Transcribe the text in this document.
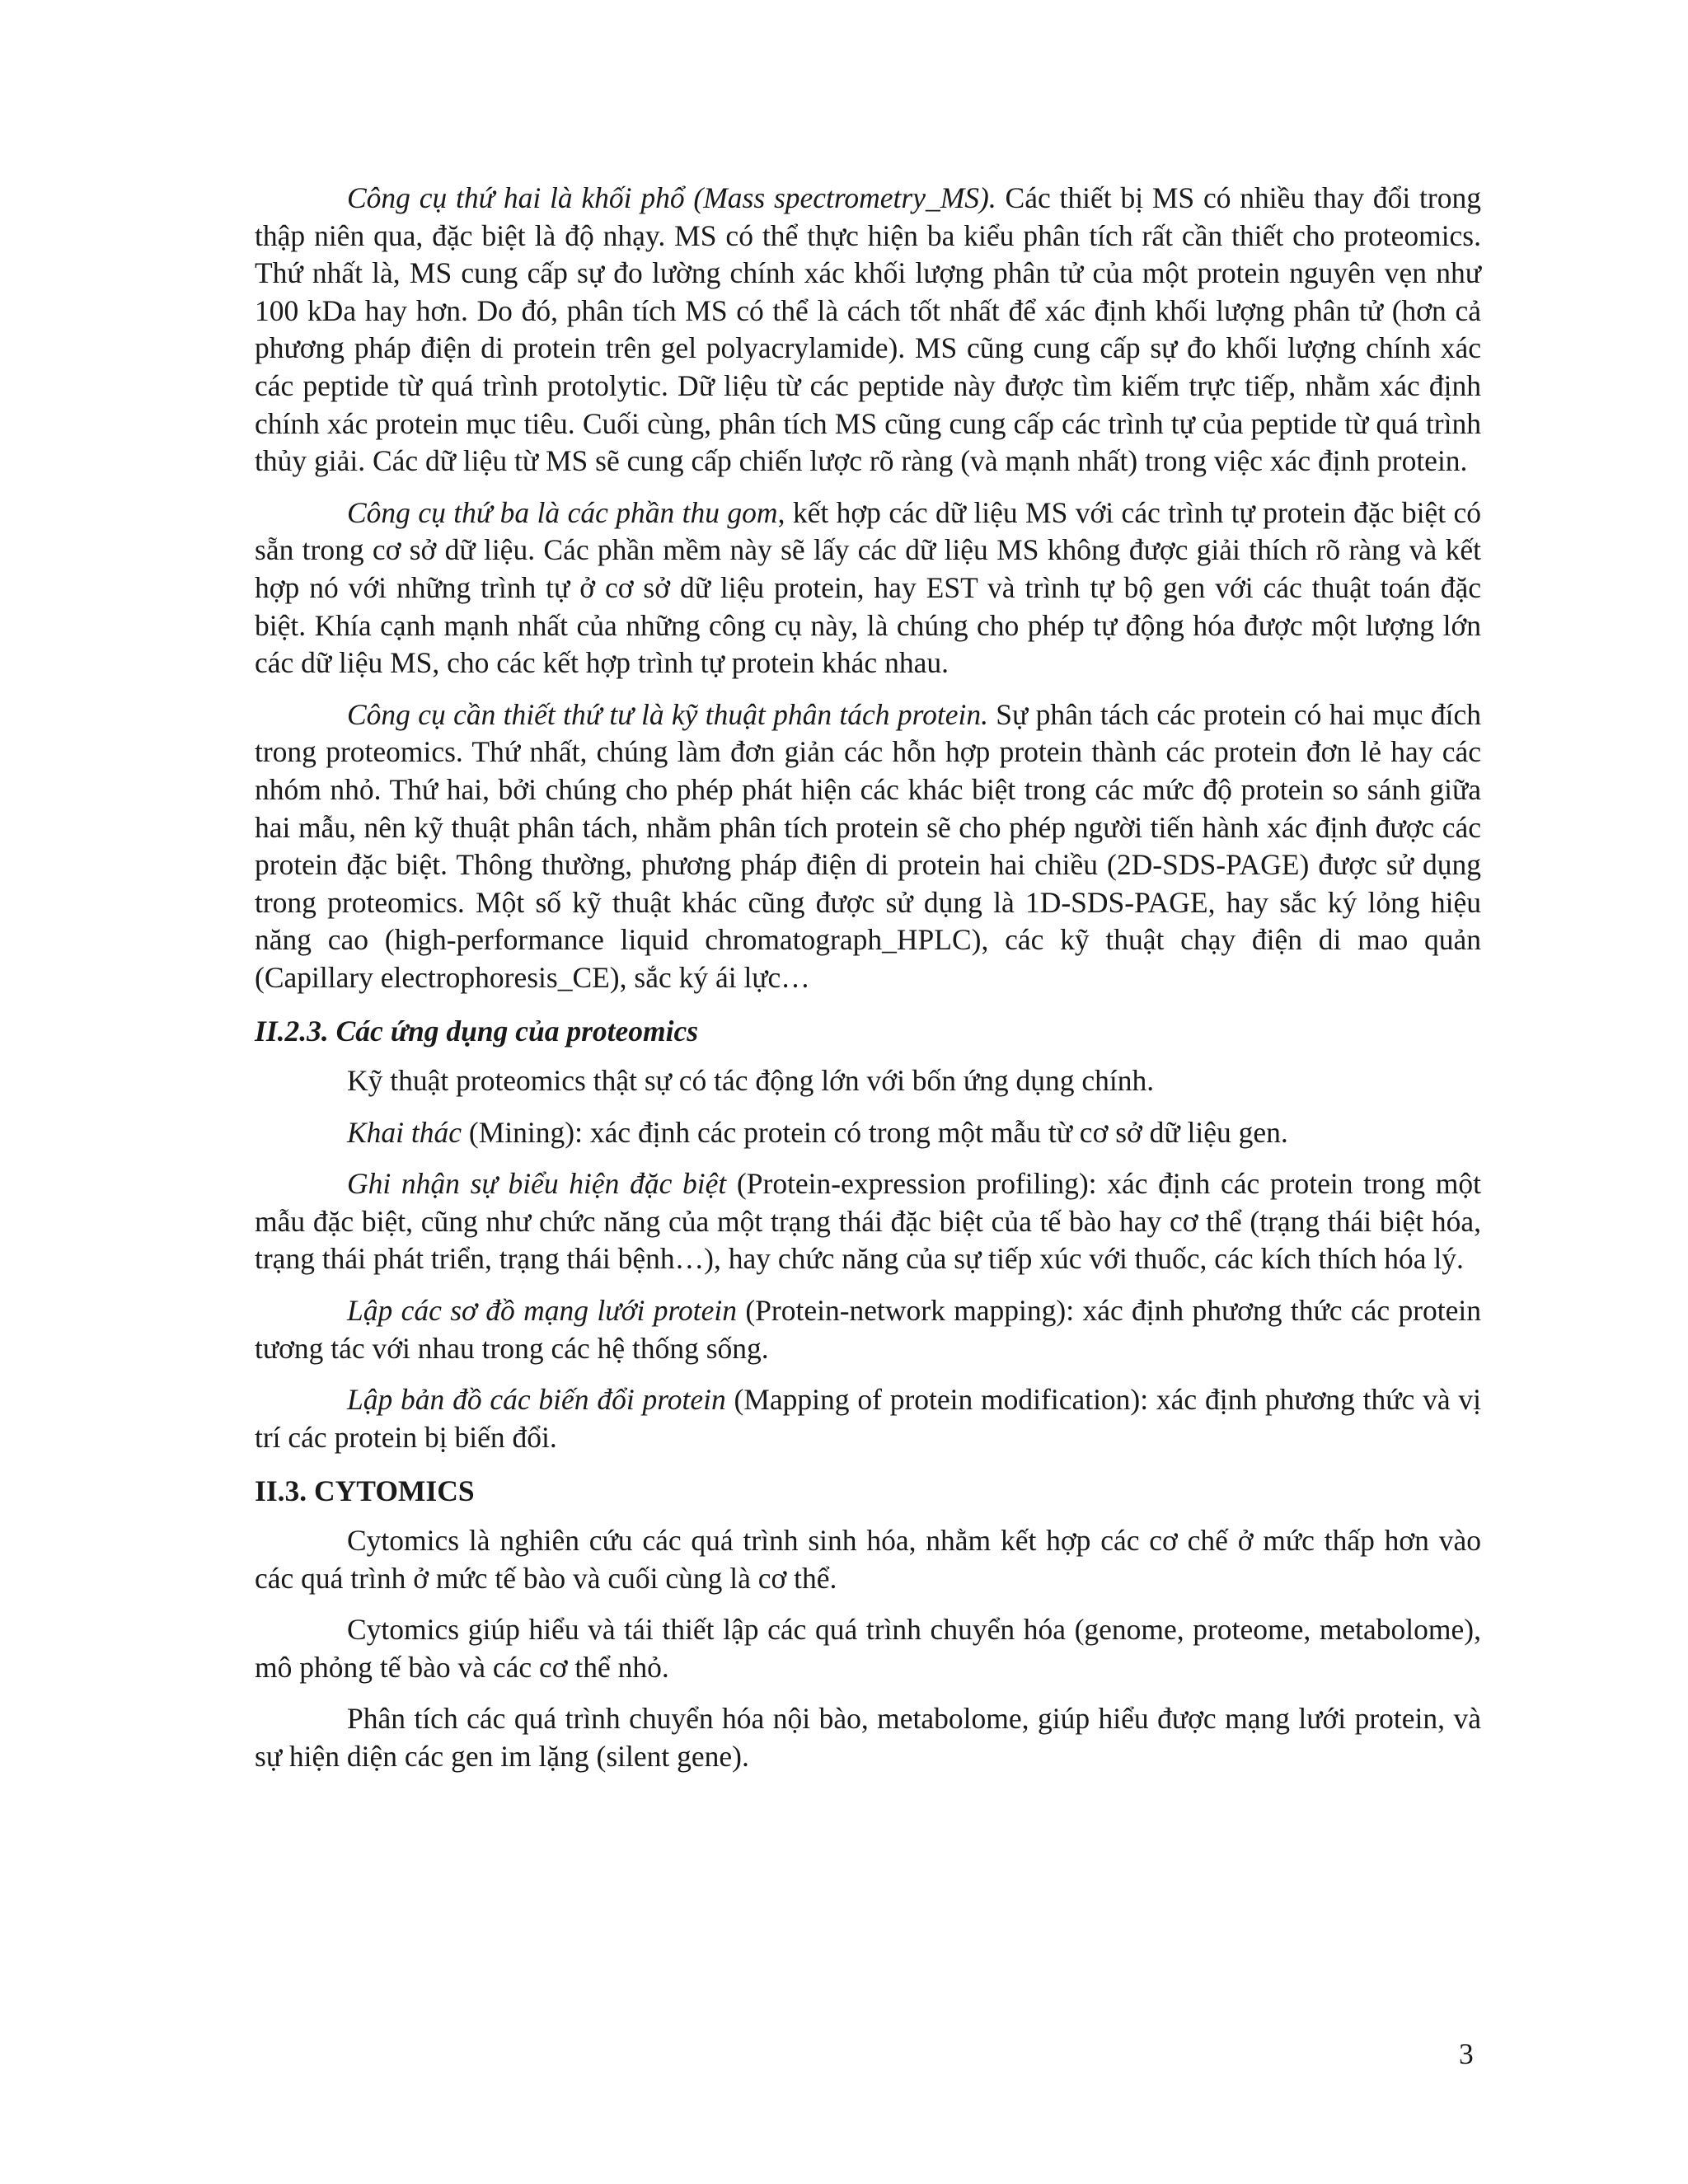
Công cụ thứ hai là khối phổ (Mass spectrometry_MS). Các thiết bị MS có nhiều thay đổi trong thập niên qua, đặc biệt là độ nhạy. MS có thể thực hiện ba kiểu phân tích rất cần thiết cho proteomics. Thứ nhất là, MS cung cấp sự đo lường chính xác khối lượng phân tử của một protein nguyên vẹn như 100 kDa hay hơn. Do đó, phân tích MS có thể là cách tốt nhất để xác định khối lượng phân tử (hơn cả phương pháp điện di protein trên gel polyacrylamide). MS cũng cung cấp sự đo khối lượng chính xác các peptide từ quá trình protolytic. Dữ liệu từ các peptide này được tìm kiếm trực tiếp, nhằm xác định chính xác protein mục tiêu. Cuối cùng, phân tích MS cũng cung cấp các trình tự của peptide từ quá trình thủy giải. Các dữ liệu từ MS sẽ cung cấp chiến lược rõ ràng (và mạnh nhất) trong việc xác định protein.

Công cụ thứ ba là các phần thu gom, kết hợp các dữ liệu MS với các trình tự protein đặc biệt có sẵn trong cơ sở dữ liệu. Các phần mềm này sẽ lấy các dữ liệu MS không được giải thích rõ ràng và kết hợp nó với những trình tự ở cơ sở dữ liệu protein, hay EST và trình tự bộ gen với các thuật toán đặc biệt. Khía cạnh mạnh nhất của những công cụ này, là chúng cho phép tự động hóa được một lượng lớn các dữ liệu MS, cho các kết hợp trình tự protein khác nhau.

Công cụ cần thiết thứ tư là kỹ thuật phân tách protein. Sự phân tách các protein có hai mục đích trong proteomics. Thứ nhất, chúng làm đơn giản các hỗn hợp protein thành các protein đơn lẻ hay các nhóm nhỏ. Thứ hai, bởi chúng cho phép phát hiện các khác biệt trong các mức độ protein so sánh giữa hai mẫu, nên kỹ thuật phân tách, nhằm phân tích protein sẽ cho phép người tiến hành xác định được các protein đặc biệt. Thông thường, phương pháp điện di protein hai chiều (2D-SDS-PAGE) được sử dụng trong proteomics. Một số kỹ thuật khác cũng được sử dụng là 1D-SDS-PAGE, hay sắc ký lỏng hiệu năng cao (high-performance liquid chromatograph_HPLC), các kỹ thuật chạy điện di mao quản (Capillary electrophoresis_CE), sắc ký ái lực…

II.2.3. Các ứng dụng của proteomics

Kỹ thuật proteomics thật sự có tác động lớn với bốn ứng dụng chính.

Khai thác (Mining): xác định các protein có trong một mẫu từ cơ sở dữ liệu gen.

Ghi nhận sự biểu hiện đặc biệt (Protein-expression profiling): xác định các protein trong một mẫu đặc biệt, cũng như chức năng của một trạng thái đặc biệt của tế bào hay cơ thể (trạng thái biệt hóa, trạng thái phát triển, trạng thái bệnh…), hay chức năng của sự tiếp xúc với thuốc, các kích thích hóa lý.

Lập các sơ đồ mạng lưới protein (Protein-network mapping): xác định phương thức các protein tương tác với nhau trong các hệ thống sống.

Lập bản đồ các biến đổi protein (Mapping of protein modification): xác định phương thức và vị trí các protein bị biến đổi.

II.3. CYTOMICS

Cytomics là nghiên cứu các quá trình sinh hóa, nhằm kết hợp các cơ chế ở mức thấp hơn vào các quá trình ở mức tế bào và cuối cùng là cơ thể.

Cytomics giúp hiểu và tái thiết lập các quá trình chuyển hóa (genome, proteome, metabolome), mô phỏng tế bào và các cơ thể nhỏ.

Phân tích các quá trình chuyển hóa nội bào, metabolome, giúp hiểu được mạng lưới protein, và sự hiện diện các gen im lặng (silent gene).

3
